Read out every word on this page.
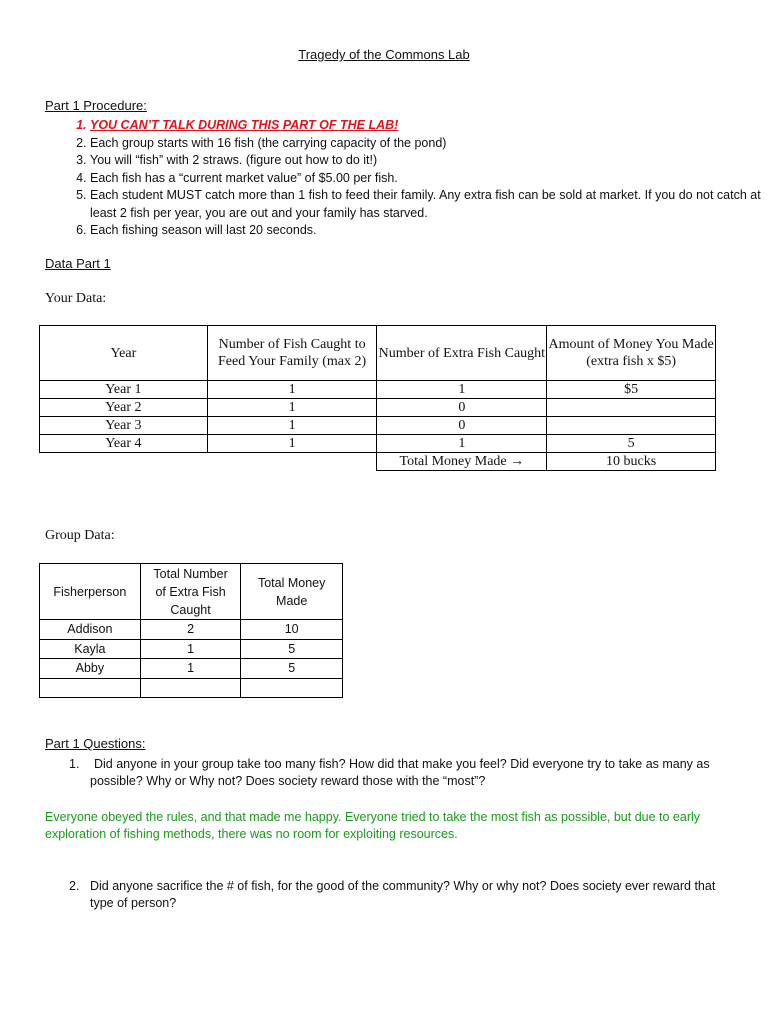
Tragedy of the Commons Lab
Part 1 Procedure:
1. YOU CAN’T TALK DURING THIS PART OF THE LAB!
2. Each group starts with 16 fish (the carrying capacity of the pond)
3. You will “fish” with 2 straws. (figure out how to do it!)
4. Each fish has a “current market value” of $5.00 per fish.
5. Each student MUST catch more than 1 fish to feed their family. Any extra fish can be sold at market. If you do not catch at least 2 fish per year, you are out and your family has starved.
6. Each fishing season will last 20 seconds.
Data Part 1
Your Data:
Year	Number of Fish Caught to Feed Your Family (max 2)	Number of Extra Fish Caught	Amount of Money You Made (extra fish x $5)
Year 1	1	1	$5
Year 2	1	0	
Year 3	1	0	
Year 4	1	1	5
		Total Money Made →	10 bucks
Group Data:
Fisherperson	Total Number of Extra Fish Caught	Total Money Made
Addison	2	10
Kayla	1	5
Abby	1	5

Part 1 Questions:
1.	Did anyone in your group take too many fish? How did that make you feel? Did everyone try to take as many as possible? Why or Why not? Does society reward those with the “most”?
Everyone obeyed the rules, and that made me happy. Everyone tried to take the most fish as possible, but due to early exploration of fishing methods, there was no room for exploiting resources.
2. Did anyone sacrifice the # of fish, for the good of the community? Why or why not? Does society ever reward that type of person?
